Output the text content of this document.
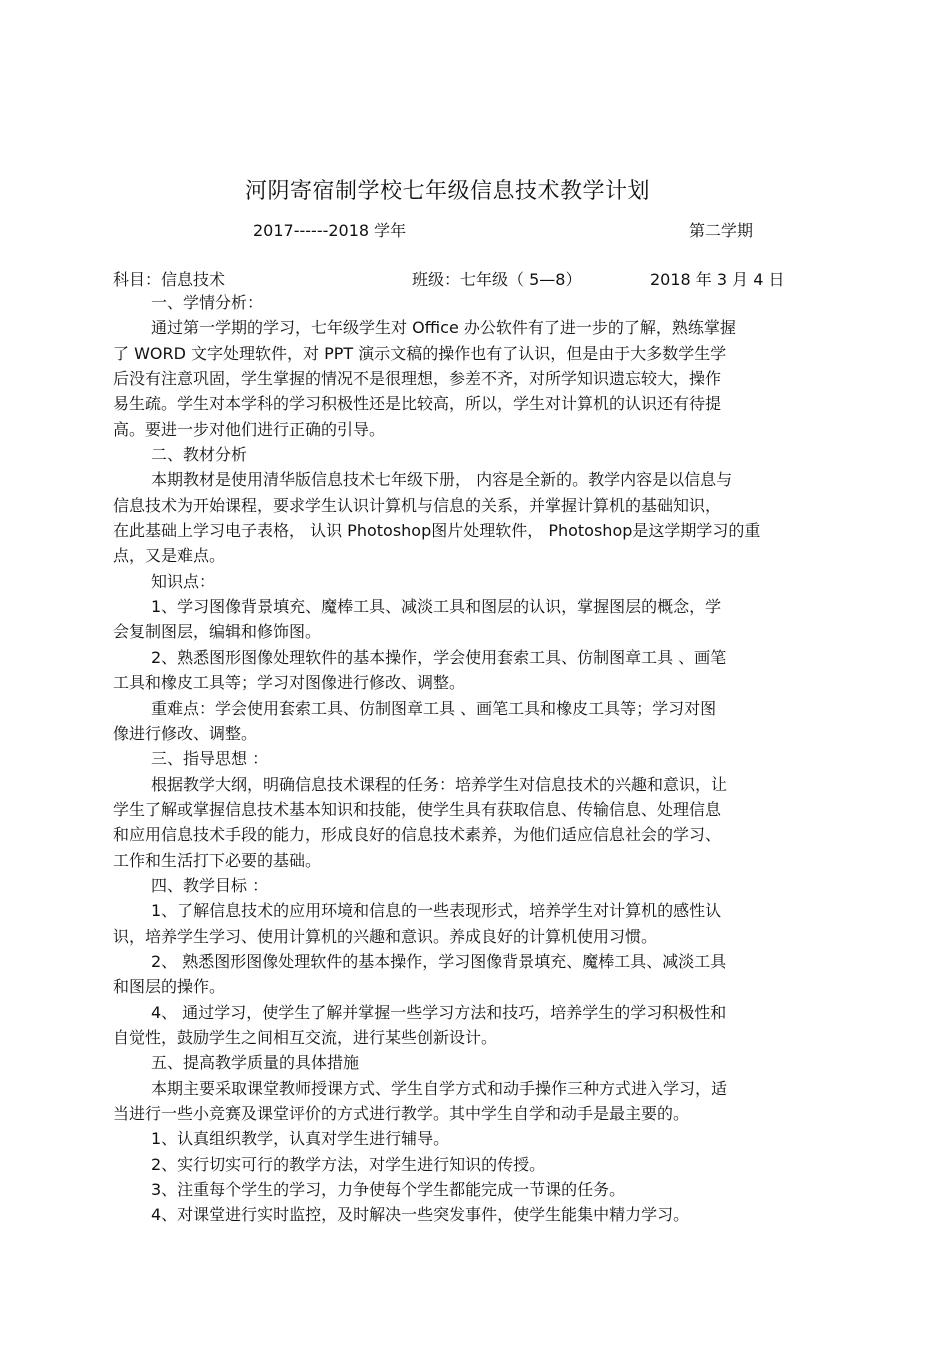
河阴寄宿制学校七年级信息技术教学计划
2017------2018 学年	第二学期
科目：信息技术	班级：七年级（ 5—8）	2018 年 3 月 4 日
一、学情分析：
通过第一学期的学习，七年级学生对 Office 办公软件有了进一步的了解，熟练掌握
了 WORD 文字处理软件，对 PPT 演示文稿的操作也有了认识，但是由于大多数学生学
后没有注意巩固，学生掌握的情况不是很理想，参差不齐，对所学知识遗忘较大，操作
易生疏。学生对本学科的学习积极性还是比较高，所以，学生对计算机的认识还有待提
高。要进一步对他们进行正确的引导。
二、教材分析
本期教材是使用清华版信息技术七年级下册， 内容是全新的。教学内容是以信息与
信息技术为开始课程，要求学生认识计算机与信息的关系，并掌握计算机的基础知识，
在此基础上学习电子表格， 认识 Photoshop图片处理软件， Photoshop是这学期学习的重
点，又是难点。
知识点：
1、学习图像背景填充、魔棒工具、减淡工具和图层的认识，掌握图层的概念，学
会复制图层，编辑和修饰图。
2、熟悉图形图像处理软件的基本操作，学会使用套索工具、仿制图章工具 、画笔
工具和橡皮工具等；学习对图像进行修改、调整。
重难点：学会使用套索工具、仿制图章工具 、画笔工具和橡皮工具等；学习对图
像进行修改、调整。
三、指导思想 ：
根据教学大纲，明确信息技术课程的任务：培养学生对信息技术的兴趣和意识，让
学生了解或掌握信息技术基本知识和技能，使学生具有获取信息、传输信息、处理信息
和应用信息技术手段的能力，形成良好的信息技术素养，为他们适应信息社会的学习、
工作和生活打下必要的基础。
四、教学目标 ：
1、了解信息技术的应用环境和信息的一些表现形式，培养学生对计算机的感性认
识，培养学生学习、使用计算机的兴趣和意识。养成良好的计算机使用习惯。
2、 熟悉图形图像处理软件的基本操作，学习图像背景填充、魔棒工具、减淡工具
和图层的操作。
4、 通过学习，使学生了解并掌握一些学习方法和技巧，培养学生的学习积极性和
自觉性，鼓励学生之间相互交流，进行某些创新设计。
五、提高教学质量的具体措施
本期主要采取课堂教师授课方式、学生自学方式和动手操作三种方式进入学习，适
当进行一些小竞赛及课堂评价的方式进行教学。其中学生自学和动手是最主要的。
1、认真组织教学，认真对学生进行辅导。
2、实行切实可行的教学方法，对学生进行知识的传授。
3、注重每个学生的学习，力争使每个学生都能完成一节课的任务。
4、对课堂进行实时监控，及时解决一些突发事件，使学生能集中精力学习。
